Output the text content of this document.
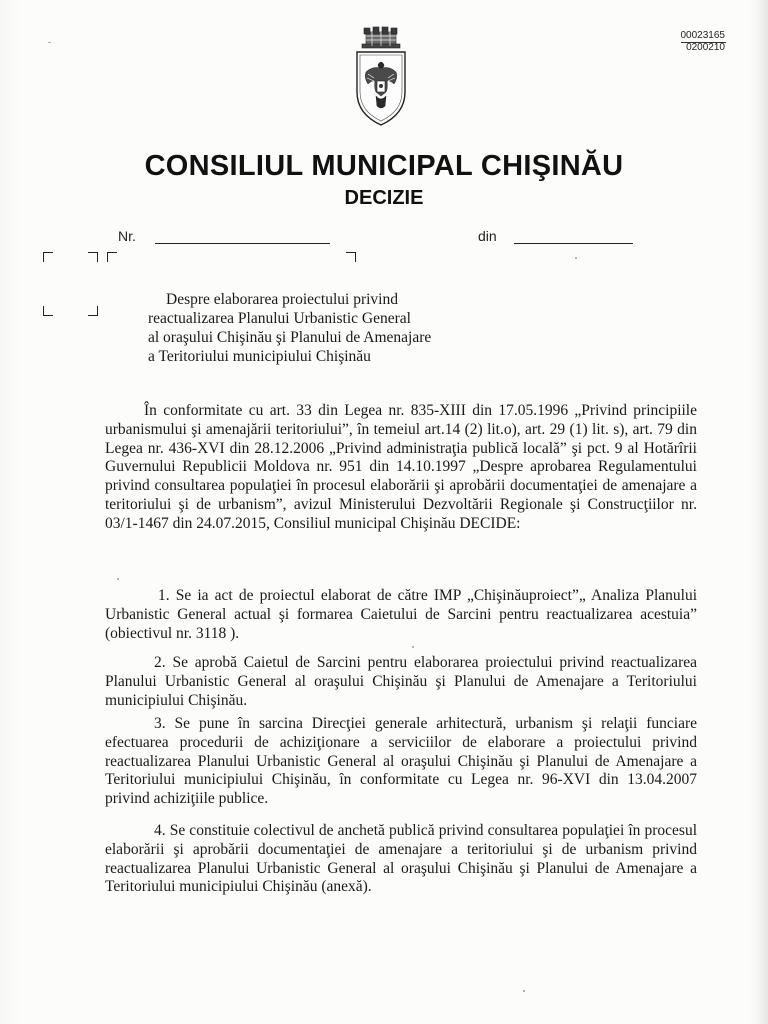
00023165
0200210
CONSILIUL MUNICIPAL CHIŞINĂU
DECIZIE
Nr.	din
Despre elaborarea proiectului privind
reactualizarea Planului Urbanistic General
al oraşului Chişinău şi Planului de Amenajare
a Teritoriului municipiului Chişinău
În conformitate cu art. 33 din Legea nr. 835-XIII din 17.05.1996 „Privind principiile urbanismului şi amenajării teritoriului”, în temeiul art.14 (2) lit.o), art. 29 (1) lit. s), art. 79 din Legea nr. 436-XVI din 28.12.2006 „Privind administraţia publică locală” şi pct. 9 al Hotărîrii Guvernului Republicii Moldova nr. 951 din 14.10.1997 „Despre aprobarea Regulamentului privind consultarea populaţiei în procesul elaborării şi aprobării documentaţiei de amenajare a teritoriului şi de urbanism”, avizul Ministerului Dezvoltării Regionale şi Construcţiilor nr. 03/1-1467 din 24.07.2015, Consiliul municipal Chişinău DECIDE:
1. Se ia act de proiectul elaborat de către IMP „Chişinăuproiect”„ Analiza Planului Urbanistic General actual şi formarea Caietului de Sarcini pentru reactualizarea acestuia” (obiectivul nr. 3118 ).
2. Se aprobă Caietul de Sarcini pentru elaborarea proiectului privind reactualizarea Planului Urbanistic General al oraşului Chişinău şi Planului de Amenajare a Teritoriului municipiului Chişinău.
3. Se pune în sarcina Direcţiei generale arhitectură, urbanism şi relaţii funciare efectuarea procedurii de achiziţionare a serviciilor de elaborare a proiectului privind reactualizarea Planului Urbanistic General al oraşului Chişinău şi Planului de Amenajare a Teritoriului municipiului Chişinău, în conformitate cu Legea nr. 96-XVI din 13.04.2007 privind achiziţiile publice.
4. Se constituie colectivul de anchetă publică privind consultarea populaţiei în procesul elaborării şi aprobării documentaţiei de amenajare a teritoriului şi de urbanism privind reactualizarea Planului Urbanistic General al oraşului Chişinău şi Planului de Amenajare a Teritoriului municipiului Chişinău (anexă).
